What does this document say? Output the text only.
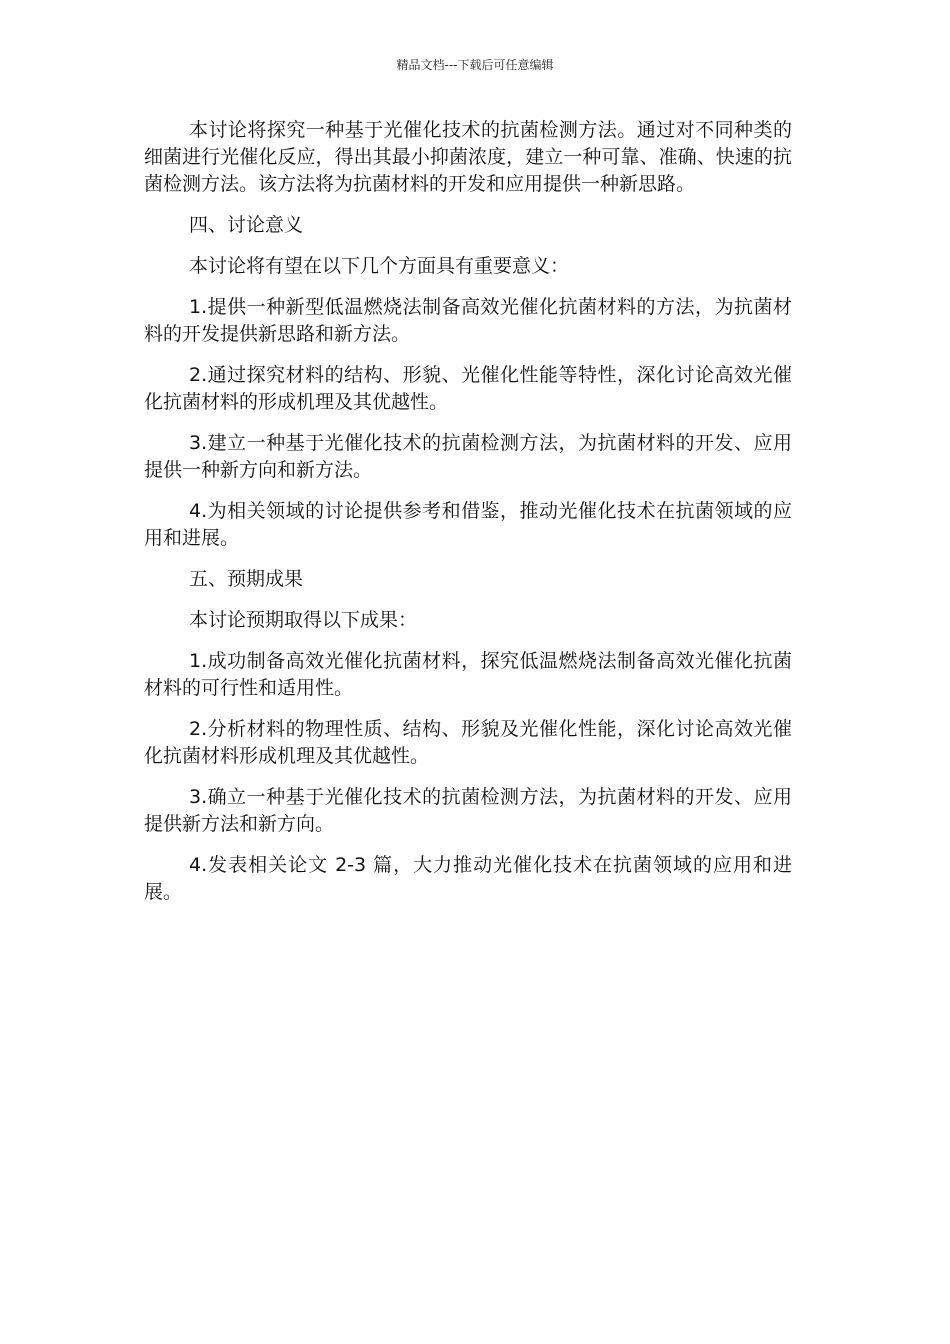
精品文档---下载后可任意编辑

本讨论将探究一种基于光催化技术的抗菌检测方法。通过对不同种类的细菌进行光催化反应，得出其最小抑菌浓度，建立一种可靠、准确、快速的抗菌检测方法。该方法将为抗菌材料的开发和应用提供一种新思路。

四、讨论意义

本讨论将有望在以下几个方面具有重要意义：

1.提供一种新型低温燃烧法制备高效光催化抗菌材料的方法，为抗菌材料的开发提供新思路和新方法。

2.通过探究材料的结构、形貌、光催化性能等特性，深化讨论高效光催化抗菌材料的形成机理及其优越性。

3.建立一种基于光催化技术的抗菌检测方法，为抗菌材料的开发、应用提供一种新方向和新方法。

4.为相关领域的讨论提供参考和借鉴，推动光催化技术在抗菌领域的应用和进展。

五、预期成果

本讨论预期取得以下成果：

1.成功制备高效光催化抗菌材料，探究低温燃烧法制备高效光催化抗菌材料的可行性和适用性。

2.分析材料的物理性质、结构、形貌及光催化性能，深化讨论高效光催化抗菌材料形成机理及其优越性。

3.确立一种基于光催化技术的抗菌检测方法，为抗菌材料的开发、应用提供新方法和新方向。

4.发表相关论文 2-3 篇，大力推动光催化技术在抗菌领域的应用和进展。
